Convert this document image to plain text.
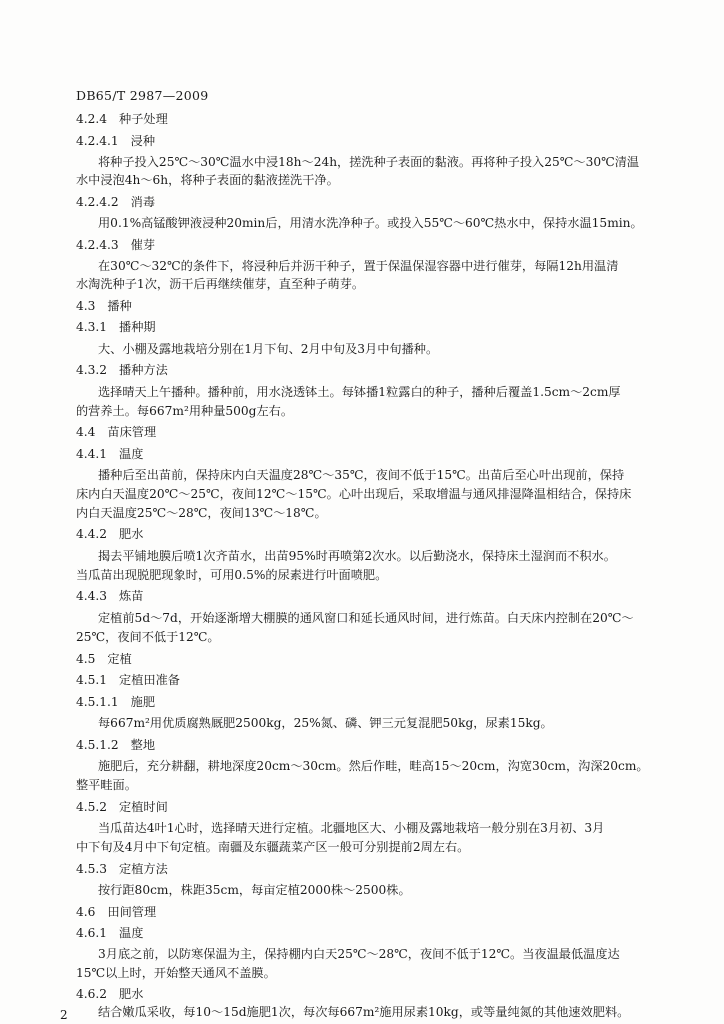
DB65/T 2987—2009
4.2.4 种子处理
4.2.4.1 浸种
将种子投入25℃～30℃温水中浸18h～24h，搓洗种子表面的黏液。再将种子投入25℃～30℃清温
水中浸泡4h～6h，将种子表面的黏液搓洗干净。
4.2.4.2 消毒
用0.1%高锰酸钾液浸种20min后，用清水洗净种子。或投入55℃～60℃热水中，保持水温15min。
4.2.4.3 催芽
在30℃～32℃的条件下，将浸种后并沥干种子，置于保温保湿容器中进行催芽，每隔12h用温清
水淘洗种子1次，沥干后再继续催芽，直至种子萌芽。
4.3 播种
4.3.1 播种期
大、小棚及露地栽培分别在1月下旬、2月中旬及3月中旬播种。
4.3.2 播种方法
选择晴天上午播种。播种前，用水浇透钵土。每钵播1粒露白的种子，播种后覆盖1.5cm～2cm厚
的营养土。每667m²用种量500g左右。
4.4 苗床管理
4.4.1 温度
播种后至出苗前，保持床内白天温度28℃～35℃，夜间不低于15℃。出苗后至心叶出现前，保持
床内白天温度20℃～25℃，夜间12℃～15℃。心叶出现后，采取增温与通风排湿降温相结合，保持床
内白天温度25℃～28℃，夜间13℃～18℃。
4.4.2 肥水
揭去平铺地膜后喷1次齐苗水，出苗95%时再喷第2次水。以后勤浇水，保持床土湿润而不积水。
当瓜苗出现脱肥现象时，可用0.5%的尿素进行叶面喷肥。
4.4.3 炼苗
定植前5d～7d，开始逐渐增大棚膜的通风窗口和延长通风时间，进行炼苗。白天床内控制在20℃～
25℃，夜间不低于12℃。
4.5 定植
4.5.1 定植田准备
4.5.1.1 施肥
每667m²用优质腐熟厩肥2500kg，25%氮、磷、钾三元复混肥50kg，尿素15kg。
4.5.1.2 整地
施肥后，充分耕翻，耕地深度20cm～30cm。然后作畦，畦高15～20cm，沟宽30cm，沟深20cm。
整平畦面。
4.5.2 定植时间
当瓜苗达4叶1心时，选择晴天进行定植。北疆地区大、小棚及露地栽培一般分别在3月初、3月
中下旬及4月中下旬定植。南疆及东疆蔬菜产区一般可分别提前2周左右。
4.5.3 定植方法
按行距80cm，株距35cm，每亩定植2000株～2500株。
4.6 田间管理
4.6.1 温度
3月底之前，以防寒保温为主，保持棚内白天25℃～28℃，夜间不低于12℃。当夜温最低温度达
15℃以上时，开始整天通风不盖膜。
4.6.2 肥水
结合嫩瓜采收，每10～15d施肥1次，每次每667m²施用尿素10kg，或等量纯氮的其他速效肥料。
2
